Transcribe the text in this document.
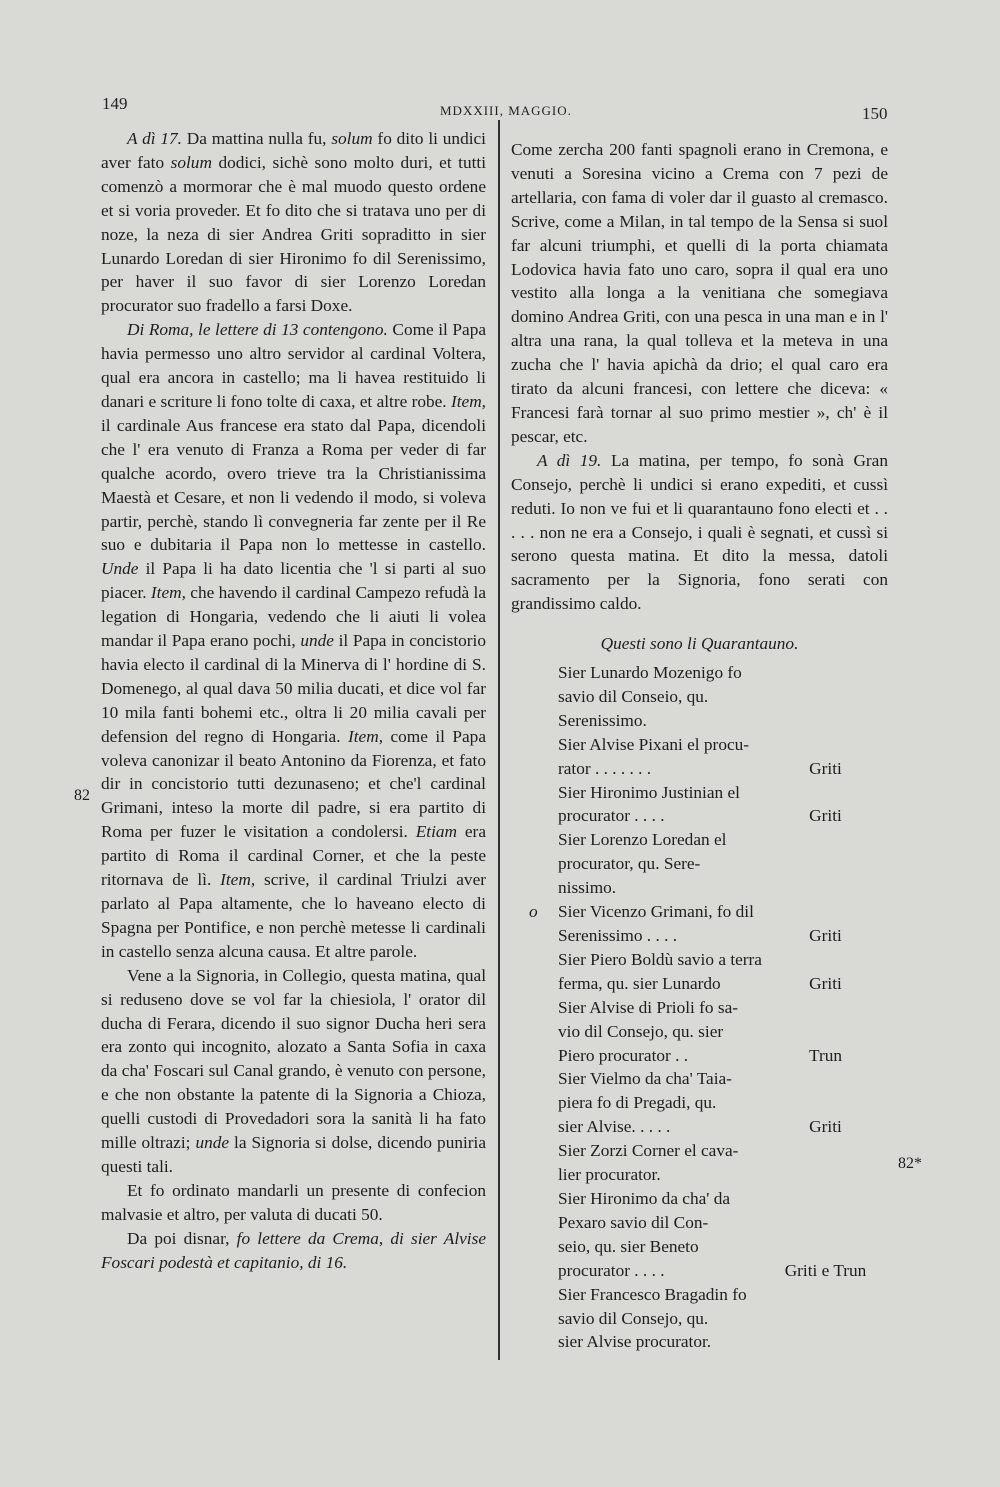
149	MDXXIII, MAGGIO.	150
82
82*

A dì 17. Da mattina nulla fu, solum fo dito li undici aver fato solum dodici, sichè sono molto duri, et tutti comenzò a mormorar che è mal muodo questo ordene et si voria proveder. Et fo dito che si tratava uno per di noze, la neza di sier Andrea Griti sopraditto in sier Lunardo Loredan di sier Hironimo fo dil Serenissimo, per haver il suo favor di sier Lorenzo Loredan procurator suo fradello a farsi Doxe.

Di Roma, le lettere di 13 contengono. Come il Papa havia permesso uno altro servidor al cardinal Voltera, qual era ancora in castello; ma li havea restituido li danari e scriture li fono tolte di caxa, et altre robe. Item, il cardinale Aus francese era stato dal Papa, dicendoli che l' era venuto di Franza a Roma per veder di far qualche acordo, overo trieve tra la Christianissima Maestà et Cesare, et non li vedendo il modo, si voleva partir, perchè, stando lì convegneria far zente per il Re suo e dubitaria il Papa non lo mettesse in castello. Unde il Papa li ha dato licentia che 'l si parti al suo piacer. Item, che havendo il cardinal Campezo refudà la legation di Hongaria, vedendo che li aiuti li volea mandar il Papa erano pochi, unde il Papa in concistorio havia electo il cardinal di la Minerva di l' hordine di S. Domenego, al qual dava 50 milia ducati, et dice vol far 10 mila fanti bohemi etc., oltra li 20 milia cavali per defension del regno di Hongaria. Item, come il Papa voleva canonizar il beato Antonino da Fiorenza, et fato dir in concistorio tutti dezunaseno; et che'l cardinal Grimani, inteso la morte dil padre, si era partito di Roma per fuzer le visitation a condolersi. Etiam era partito di Roma il cardinal Corner, et che la peste ritornava de lì. Item, scrive, il cardinal Triulzi aver parlato al Papa altamente, che lo haveano electo di Spagna per Pontifice, e non perchè metesse li cardinali in castello senza alcuna causa. Et altre parole.

Vene a la Signoria, in Collegio, questa matina, qual si reduseno dove se vol far la chiesiola, l' orator dil ducha di Ferara, dicendo il suo signor Ducha heri sera era zonto qui incognito, alozato a Santa Sofia in caxa da cha' Foscari sul Canal grando, è venuto con persone, e che non obstante la patente di la Signoria a Chioza, quelli custodi di Provedadori sora la sanità li ha fato mille oltrazi; unde la Signoria si dolse, dicendo puniria questi tali.

Et fo ordinato mandarli un presente di confecion malvasie et altro, per valuta di ducati 50.

Da poi disnar, fo lettere da Crema, di sier Alvise Foscari podestà et capitanio, di 16.

Come zercha 200 fanti spagnoli erano in Cremona, e venuti a Soresina vicino a Crema con 7 pezi de artellaria, con fama di voler dar il guasto al cremasco. Scrive, come a Milan, in tal tempo de la Sensa si suol far alcuni triumphi, et quelli di la porta chiamata Lodovica havia fato uno caro, sopra il qual era uno vestito alla longa a la venitiana che somegiava domino Andrea Griti, con una pesca in una man e in l' altra una rana, la qual tolleva et la meteva in una zucha che l' havia apichà da drio; el qual caro era tirato da alcuni francesi, con lettere che diceva: « Francesi farà tornar al suo primo mestier », ch' è il pescar, etc.

A dì 19. La matina, per tempo, fo sonà Gran Consejo, perchè li undici si erano expediti, et cussì reduti. Io non ve fui et li quarantauno fono electi et . . . . . non ne era a Consejo, i quali è segnati, et cussì si serono questa matina. Et dito la messa, datoli sacramento per la Signoria, fono serati con grandissimo caldo.

Questi sono li Quarantauno.
Sier Lunardo Mozenigo fo
savio dil Conseio, qu.
Serenissimo.
Sier Alvise Pixani el procu-
rator . . . . . . .	Griti
Sier Hironimo Justinian el
procurator . . . .	Griti
Sier Lorenzo Loredan el
procurator, qu. Sere-
nissimo.
o Sier Vicenzo Grimani, fo dil
Serenissimo . . . .	Griti
Sier Piero Boldù savio a terra
ferma, qu. sier Lunardo	Griti
Sier Alvise di Prioli fo sa-
vio dil Consejo, qu. sier
Piero procurator . .	Trun
Sier Vielmo da cha' Taia-
piera fo di Pregadi, qu.
sier Alvise. . . . .	Griti
Sier Zorzi Corner el cava-
lier procurator.
Sier Hironimo da cha' da
Pexaro savio dil Con-
seio, qu. sier Beneto
procurator . . . .	Griti e Trun
Sier Francesco Bragadin fo
savio dil Consejo, qu.
sier Alvise procurator.
